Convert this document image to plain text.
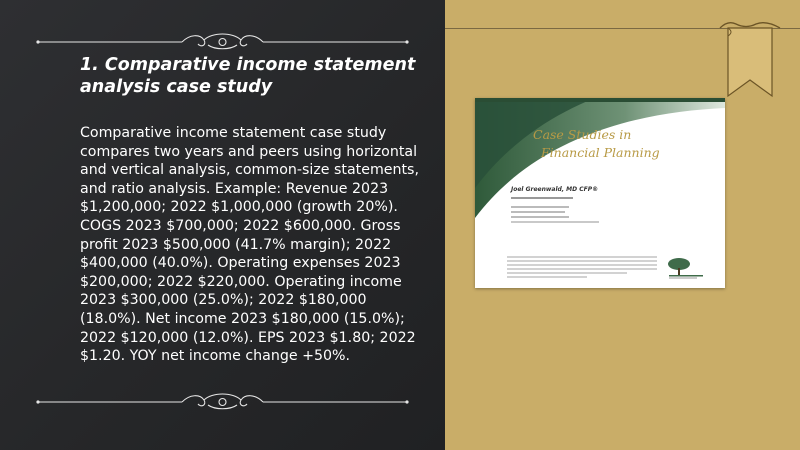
1. Comparative income statement analysis case study

Comparative income statement case study compares two years and peers using horizontal and vertical analysis, common-size statements, and ratio analysis. Example: Revenue 2023 $1,200,000; 2022 $1,000,000 (growth 20%). COGS 2023 $700,000; 2022 $600,000. Gross profit 2023 $500,000 (41.7% margin); 2022 $400,000 (40.0%). Operating expenses 2023 $200,000; 2022 $220,000. Operating income 2023 $300,000 (25.0%); 2022 $180,000 (18.0%). Net income 2023 $180,000 (15.0%); 2022 $120,000 (12.0%). EPS 2023 $1.80; 2022 $1.20. YOY net income change +50%.

Case Studies in
Financial Planning
Joel Greenwald, MD CFP®
